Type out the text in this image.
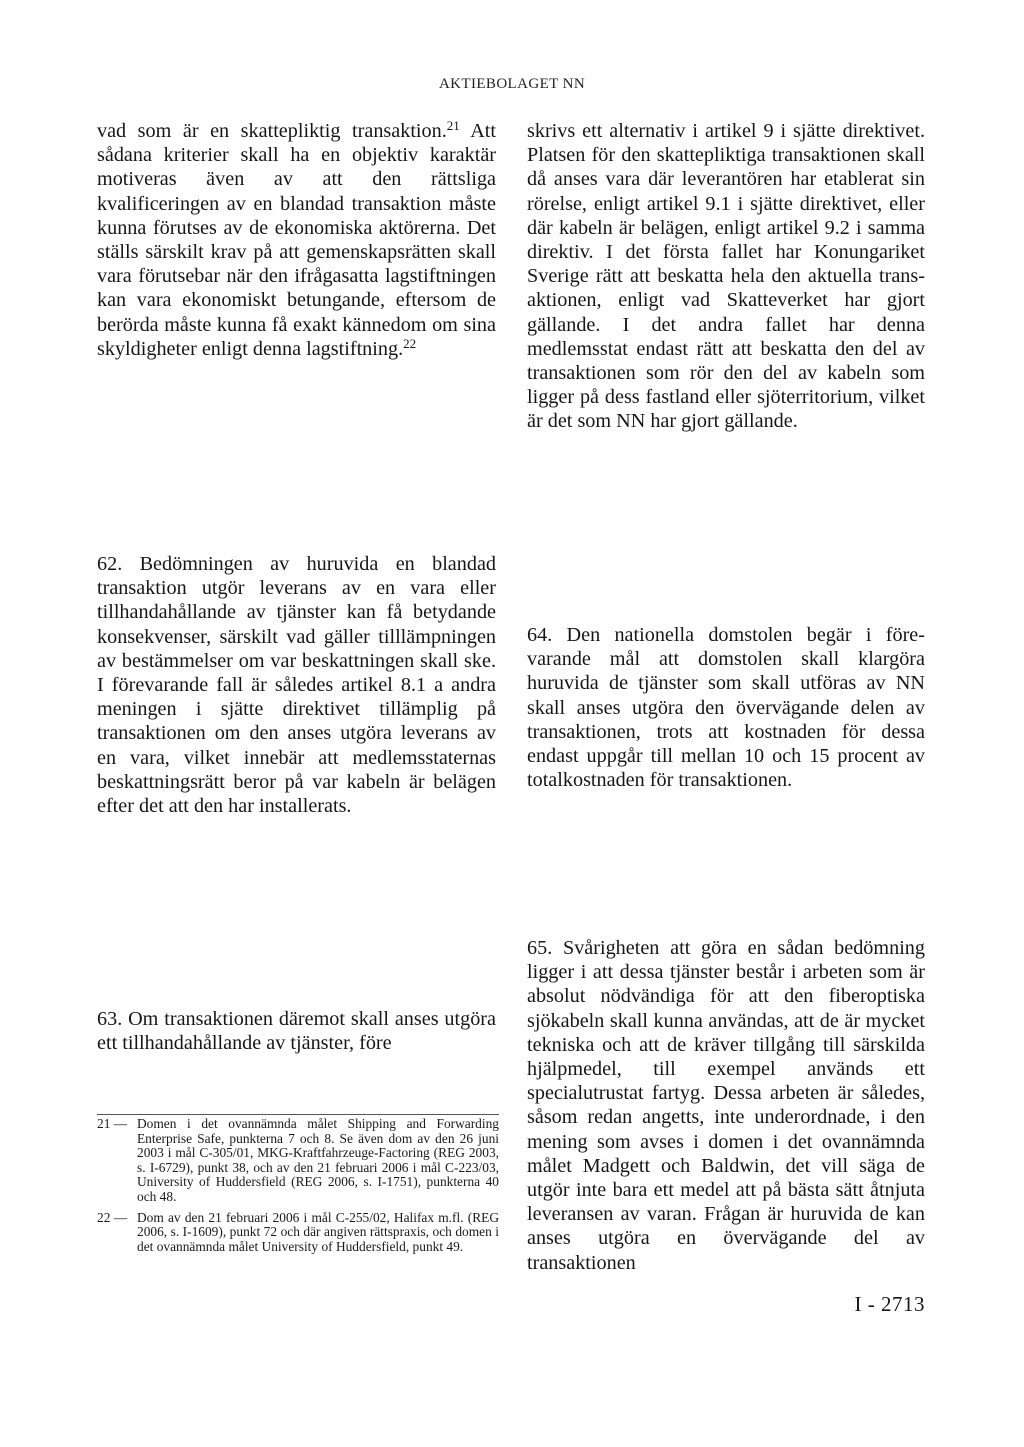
AKTIEBOLAGET NN
vad som är en skattepliktig transaktion.$^{21}$ Att sådana kriterier skall ha en objektiv karaktär motiveras även av att den rättsliga kvalificeringen av en blandad transaktion måste kunna förutses av de ekonomiska aktörerna. Det ställs särskilt krav på att gemenskapsrätten skall vara förutsebar när den ifrågasatta lagstiftningen kan vara ekonomiskt betungande, eftersom de berörda måste kunna få exakt kännedom om sina skyldigheter enligt denna lagstiftning.$^{22}$
skrivs ett alternativ i artikel 9 i sjätte direktivet. Platsen för den skattepliktiga transaktionen skall då anses vara där leverantören har etablerat sin rörelse, enligt artikel 9.1 i sjätte direktivet, eller där kabeln är belägen, enligt artikel 9.2 i samma direktiv. I det första fallet har Konungariket Sverige rätt att beskatta hela den aktuella transaktionen, enligt vad Skatteverket har gjort gällande. I det andra fallet har denna medlemsstat endast rätt att beskatta den del av transaktionen som rör den del av kabeln som ligger på dess fastland eller sjöterritorium, vilket är det som NN har gjort gällande.
62. Bedömningen av huruvida en blandad transaktion utgör leverans av en vara eller tillhandahållande av tjänster kan få betydande konsekvenser, särskilt vad gäller tilllämpningen av bestämmelser om var beskattningen skall ske. I förevarande fall är således artikel 8.1 a andra meningen i sjätte direktivet tillämplig på transaktionen om den anses utgöra leverans av en vara, vilket innebär att medlemsstaternas beskattningsrätt beror på var kabeln är belägen efter det att den har installerats.
64. Den nationella domstolen begär i förevarande mål att domstolen skall klargöra huruvida de tjänster som skall utföras av NN skall anses utgöra den övervägande delen av transaktionen, trots att kostnaden för dessa endast uppgår till mellan 10 och 15 procent av totalkostnaden för transaktionen.
63. Om transaktionen däremot skall anses utgöra ett tillhandahållande av tjänster, före
65. Svårigheten att göra en sådan bedömning ligger i att dessa tjänster består i arbeten som är absolut nödvändiga för att den fiberoptiska sjökabeln skall kunna användas, att de är mycket tekniska och att de kräver tillgång till särskilda hjälpmedel, till exempel används ett specialutrustat fartyg. Dessa arbeten är således, såsom redan angetts, inte underordnade, i den mening som avses i domen i det ovannämnda målet Madgett och Baldwin, det vill säga de utgör inte bara ett medel att på bästa sätt åtnjuta leveransen av varan. Frågan är huruvida de kan anses utgöra en övervägande del av transaktionen
21 — Domen i det ovannämnda målet Shipping and Forwarding Enterprise Safe, punkterna 7 och 8. Se även dom av den 26 juni 2003 i mål C-305/01, MKG-Kraftfahrzeuge-Factoring (REG 2003, s. I-6729), punkt 38, och av den 21 februari 2006 i mål C-223/03, University of Huddersfield (REG 2006, s. I-1751), punkterna 40 och 48.
22 — Dom av den 21 februari 2006 i mål C-255/02, Halifax m.fl. (REG 2006, s. I-1609), punkt 72 och där angiven rättspraxis, och domen i det ovannämnda målet University of Huddersfield, punkt 49.
I - 2713
